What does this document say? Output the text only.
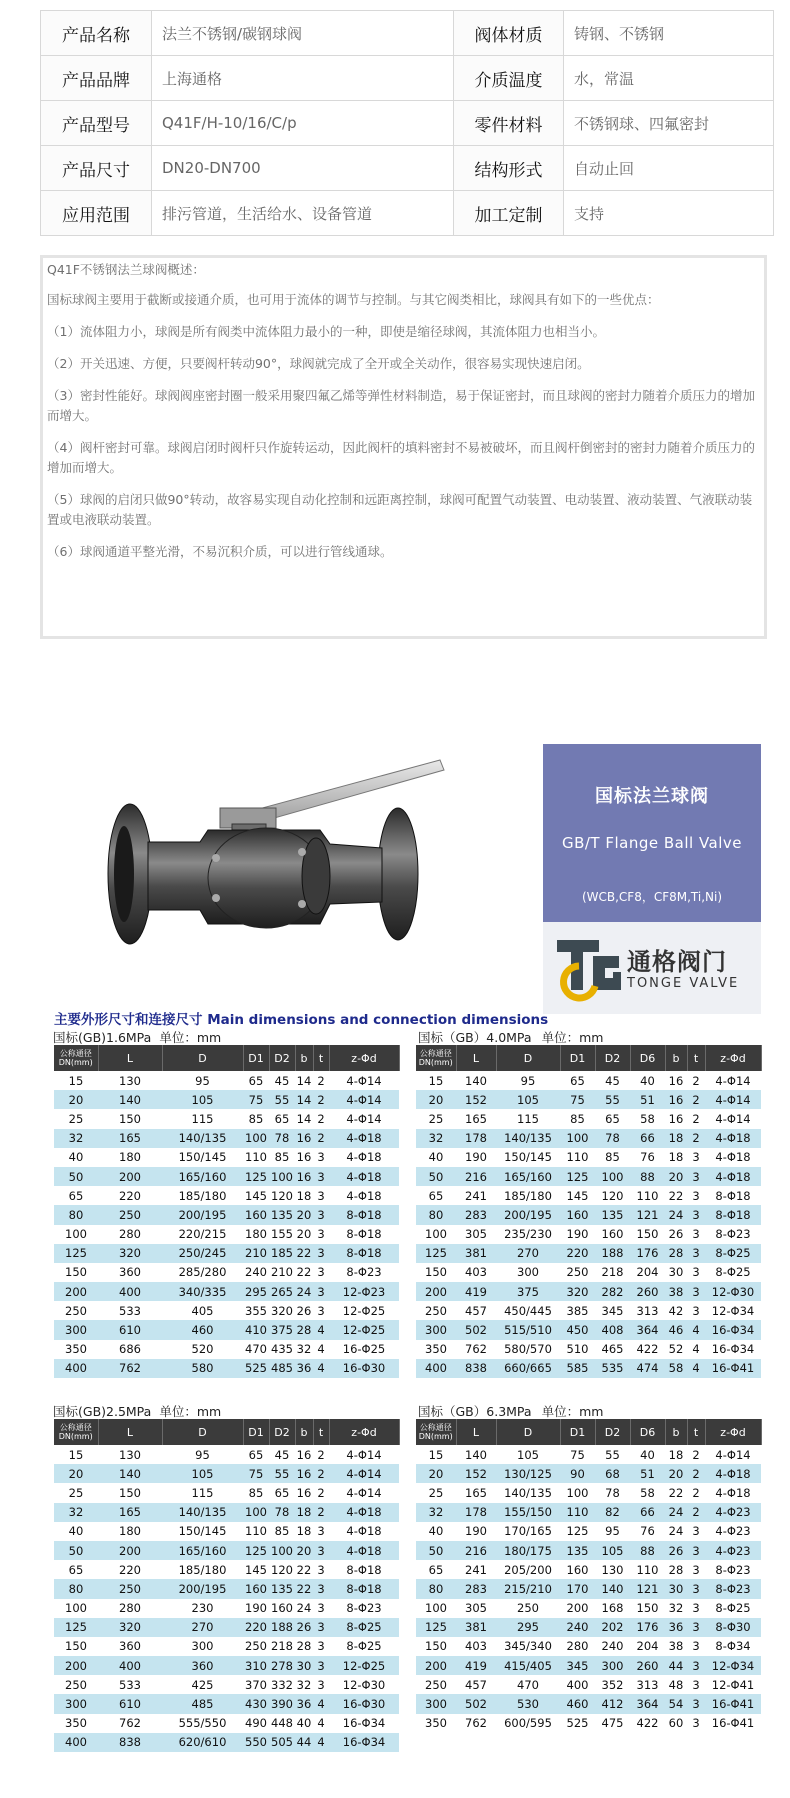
产品名称	法兰不锈钢/碳钢球阀	阀体材质	铸钢、不锈钢
产品品牌	上海通格	介质温度	水，常温
产品型号	Q41F/H-10/16/C/p	零件材料	不锈钢球、四氟密封
产品尺寸	DN20-DN700	结构形式	自动止回
应用范围	排污管道，生活给水、设备管道	加工定制	支持

Q41F不锈钢法兰球阀概述：

国标球阀主要用于截断或接通介质，也可用于流体的调节与控制。与其它阀类相比，球阀具有如下的一些优点：

（1）流体阻力小，球阀是所有阀类中流体阻力最小的一种，即使是缩径球阀，其流体阻力也相当小。

（2）开关迅速、方便，只要阀杆转动90°，球阀就完成了全开或全关动作，很容易实现快速启闭。

（3）密封性能好。球阀阀座密封圈一般采用聚四氟乙烯等弹性材料制造，易于保证密封，而且球阀的密封力随着介质压力的增加而增大。

（4）阀杆密封可靠。球阀启闭时阀杆只作旋转运动，因此阀杆的填料密封不易被破坏，而且阀杆倒密封的密封力随着介质压力的增加而增大。

（5）球阀的启闭只做90°转动，故容易实现自动化控制和远距离控制，球阀可配置气动装置、电动装置、液动装置、气液联动装置或电液联动装置。

（6）球阀通道平整光滑，不易沉积介质，可以进行管线通球。

国标法兰球阀
GB/T Flange Ball Valve
(WCB,CF8，CF8M,Ti,Ni)
通格阀门
TONGE VALVE
主要外形尺寸和连接尺寸 Main dimensions and connection dimensions
国标(GB)1.6MPa 单位：mm	国标（GB）4.0MPa 单位：mm
国标(GB)2.5MPa 单位：mm	国标（GB）6.3MPa 单位：mm
公称通径DN(mm)	L	D	D1	D2	b	t	z-Φd
15	130	95	65	45	14	2	4-Φ14
20	140	105	75	55	14	2	4-Φ14
25	150	115	85	65	14	2	4-Φ14
32	165	140/135	100	78	16	2	4-Φ18
40	180	150/145	110	85	16	3	4-Φ18
50	200	165/160	125	100	16	3	4-Φ18
65	220	185/180	145	120	18	3	4-Φ18
80	250	200/195	160	135	20	3	8-Φ18
100	280	220/215	180	155	20	3	8-Φ18
125	320	250/245	210	185	22	3	8-Φ18
150	360	285/280	240	210	22	3	8-Φ23
200	400	340/335	295	265	24	3	12-Φ23
250	533	405	355	320	26	3	12-Φ25
300	610	460	410	375	28	4	12-Φ25
350	686	520	470	435	32	4	16-Φ25
400	762	580	525	485	36	4	16-Φ30
公称通径DN(mm)	L	D	D1	D2	D6	b	t	z-Φd
15	140	95	65	45	40	16	2	4-Φ14
20	152	105	75	55	51	16	2	4-Φ14
25	165	115	85	65	58	16	2	4-Φ14
32	178	140/135	100	78	66	18	2	4-Φ18
40	190	150/145	110	85	76	18	3	4-Φ18
50	216	165/160	125	100	88	20	3	4-Φ18
65	241	185/180	145	120	110	22	3	8-Φ18
80	283	200/195	160	135	121	24	3	8-Φ18
100	305	235/230	190	160	150	26	3	8-Φ23
125	381	270	220	188	176	28	3	8-Φ25
150	403	300	250	218	204	30	3	8-Φ25
200	419	375	320	282	260	38	3	12-Φ30
250	457	450/445	385	345	313	42	3	12-Φ34
300	502	515/510	450	408	364	46	4	16-Φ34
350	762	580/570	510	465	422	52	4	16-Φ34
400	838	660/665	585	535	474	58	4	16-Φ41
公称通径DN(mm)	L	D	D1	D2	b	t	z-Φd
15	130	95	65	45	16	2	4-Φ14
20	140	105	75	55	16	2	4-Φ14
25	150	115	85	65	16	2	4-Φ14
32	165	140/135	100	78	18	2	4-Φ18
40	180	150/145	110	85	18	3	4-Φ18
50	200	165/160	125	100	20	3	4-Φ18
65	220	185/180	145	120	22	3	8-Φ18
80	250	200/195	160	135	22	3	8-Φ18
100	280	230	190	160	24	3	8-Φ23
125	320	270	220	188	26	3	8-Φ25
150	360	300	250	218	28	3	8-Φ25
200	400	360	310	278	30	3	12-Φ25
250	533	425	370	332	32	3	12-Φ30
300	610	485	430	390	36	4	16-Φ30
350	762	555/550	490	448	40	4	16-Φ34
400	838	620/610	550	505	44	4	16-Φ34
公称通径DN(mm)	L	D	D1	D2	D6	b	t	z-Φd
15	140	105	75	55	40	18	2	4-Φ14
20	152	130/125	90	68	51	20	2	4-Φ18
25	165	140/135	100	78	58	22	2	4-Φ18
32	178	155/150	110	82	66	24	2	4-Φ23
40	190	170/165	125	95	76	24	3	4-Φ23
50	216	180/175	135	105	88	26	3	4-Φ23
65	241	205/200	160	130	110	28	3	8-Φ23
80	283	215/210	170	140	121	30	3	8-Φ23
100	305	250	200	168	150	32	3	8-Φ25
125	381	295	240	202	176	36	3	8-Φ30
150	403	345/340	280	240	204	38	3	8-Φ34
200	419	415/405	345	300	260	44	3	12-Φ34
250	457	470	400	352	313	48	3	12-Φ41
300	502	530	460	412	364	54	3	16-Φ41
350	762	600/595	525	475	422	60	3	16-Φ41
